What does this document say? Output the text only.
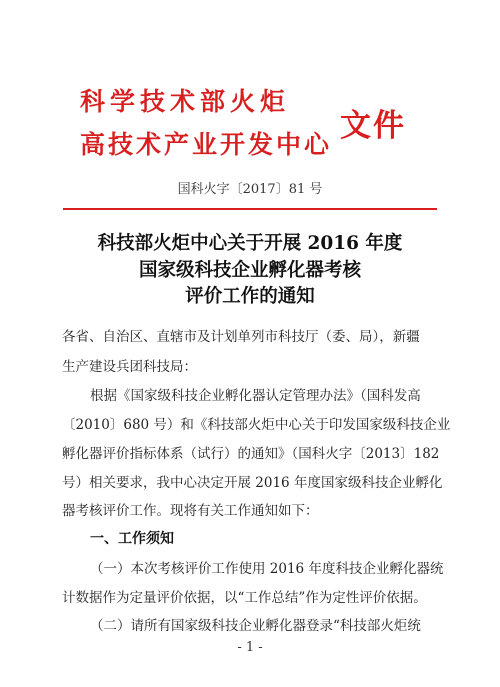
科学技术部火炬
高技术产业开发中心
文件
国科火字〔2017〕81 号
科技部火炬中心关于开展 2016 年度
国家级科技企业孵化器考核
评价工作的通知
各省、自治区、直辖市及计划单列市科技厅（委、局），新疆
生产建设兵团科技局：
根据《国家级科技企业孵化器认定管理办法》（国科发高
〔2010〕680 号）和《科技部火炬中心关于印发国家级科技企业
孵化器评价指标体系（试行）的通知》（国科火字〔2013〕182
号）相关要求，我中心决定开展 2016 年度国家级科技企业孵化
器考核评价工作。现将有关工作通知如下：
一、工作须知
（一）本次考核评价工作使用 2016 年度科技企业孵化器统
计数据作为定量评价依据，以“工作总结”作为定性评价依据。
（二）请所有国家级科技企业孵化器登录“科技部火炬统
- 1 -
